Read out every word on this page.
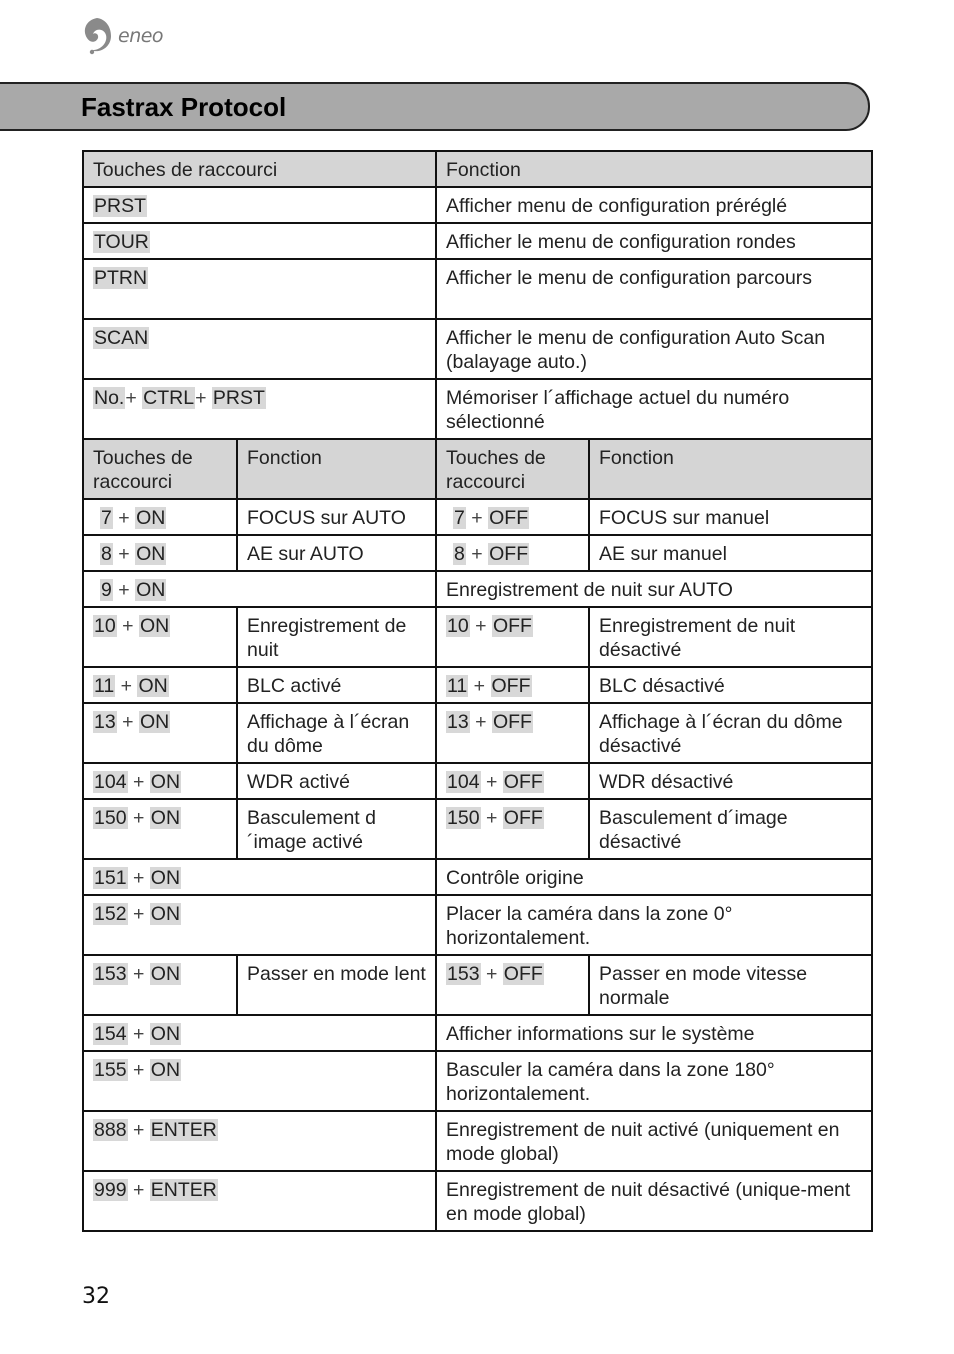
eneo
Fastrax Protocol
Touches de raccourci		Fonction	
PRST		Afficher menu de configuration préréglé	
TOUR		Afficher le menu de configuration rondes	
PTRN		Afficher le menu de configuration parcours	
SCAN		Afficher le menu de configuration Auto Scan (balayage auto.)	
No.+ CTRL+ PRST		Mémoriser l´affichage actuel du numéro sélectionné	
Touches de raccourci	Fonction	Touches de raccourci	Fonction
7 + ON	FOCUS sur AUTO	7 + OFF	FOCUS sur manuel
8 + ON	AE sur AUTO	8 + OFF	AE sur manuel
9 + ON		Enregistrement de nuit sur AUTO	
10 + ON	Enregistrement de nuit	10 + OFF	Enregistrement de nuit désactivé
11 + ON	BLC activé	11 + OFF	BLC désactivé
13 + ON	Affichage à l´écran du dôme	13 + OFF	Affichage à l´écran du dôme désactivé
104 + ON	WDR activé	104 + OFF	WDR désactivé
150 + ON	Basculement d´image activé	150 + OFF	Basculement d´image désactivé
151 + ON		Contrôle origine	
152 + ON		Placer la caméra dans la zone 0° horizontalement.	
153 + ON	Passer en mode lent	153 + OFF	Passer en mode vitesse normale
154 + ON		Afficher informations sur le système	
155 + ON		Basculer la caméra dans la zone 180° horizontalement.	
888 + ENTER		Enregistrement de nuit activé (uniquement en mode global)	
999 + ENTER		Enregistrement de nuit désactivé (unique-ment en mode global)	
32
